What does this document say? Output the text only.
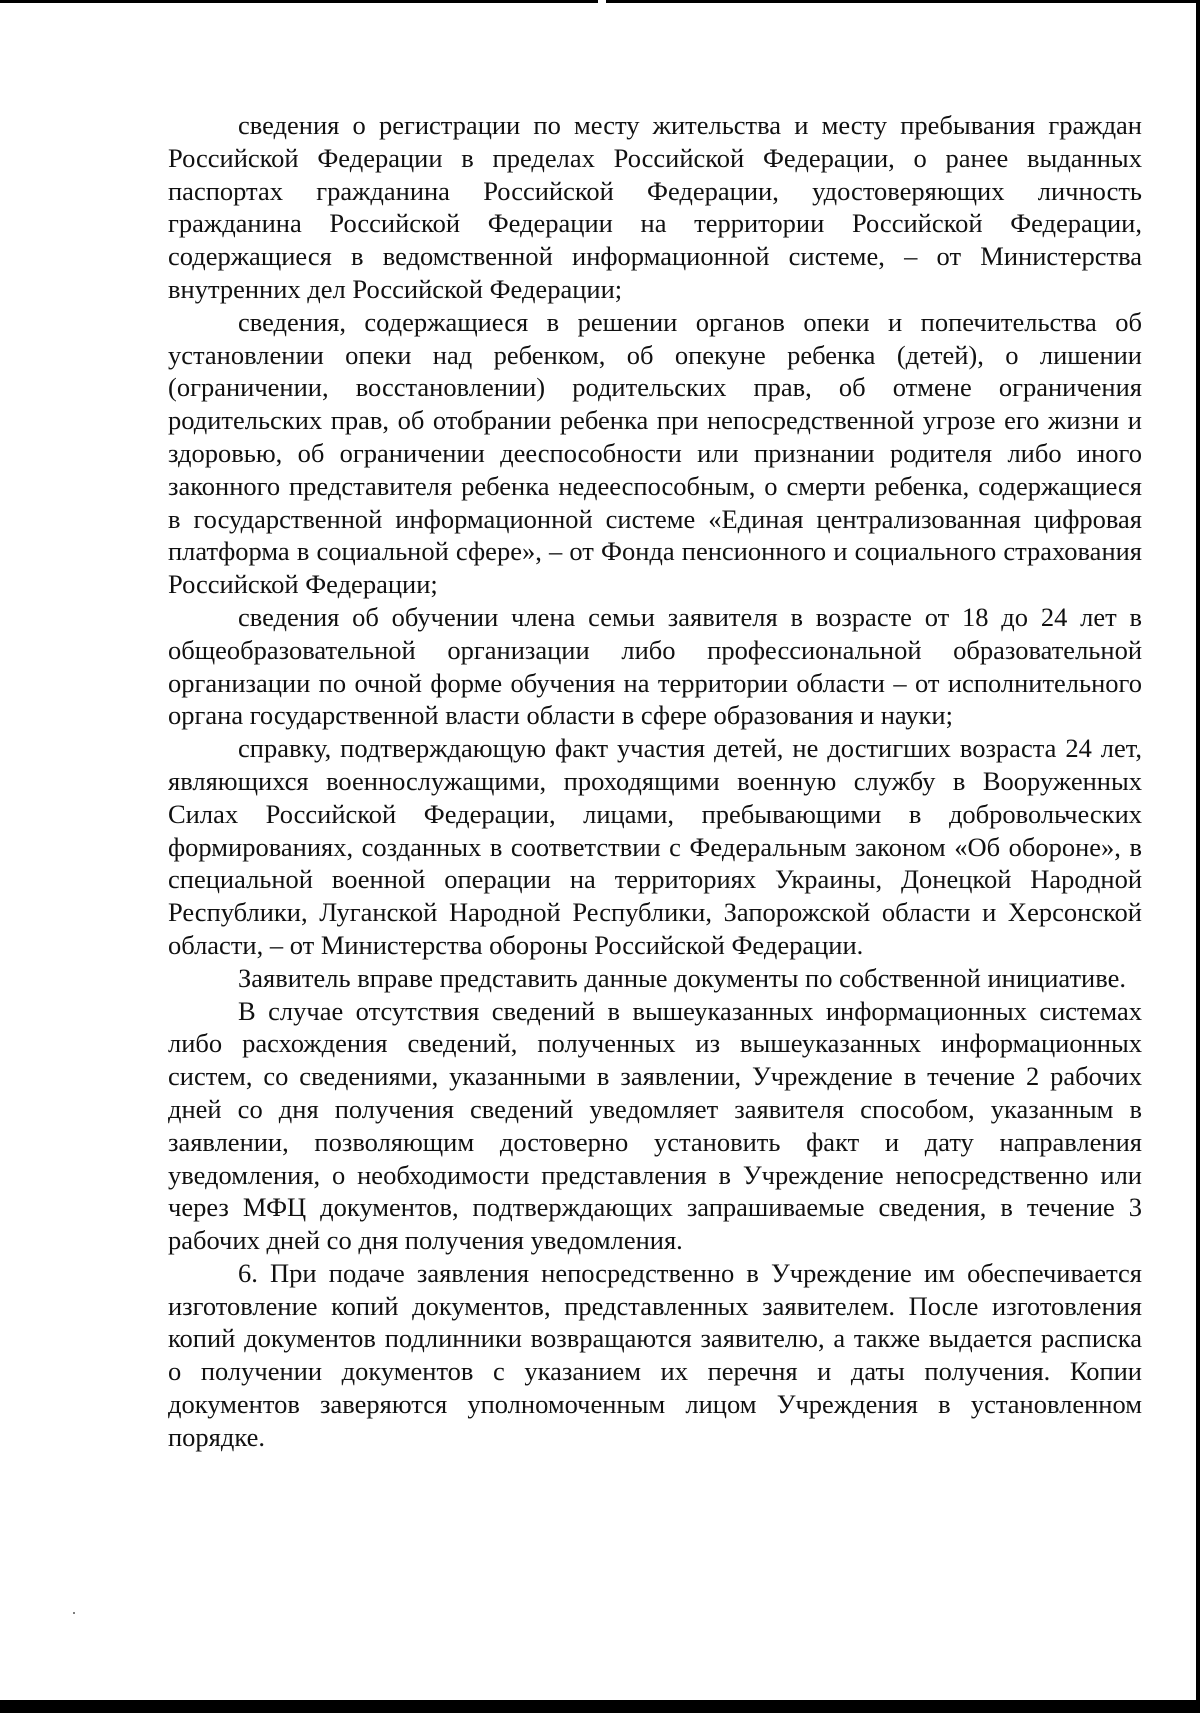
сведения о регистрации по месту жительства и месту пребывания граждан Российской Федерации в пределах Российской Федерации, о ранее выданных паспортах гражданина Российской Федерации, удостоверяющих личность гражданина Российской Федерации на территории Российской Федерации, содержащиеся в ведомственной информационной системе, – от Министерства внутренних дел Российской Федерации;

сведения, содержащиеся в решении органов опеки и попечительства об установлении опеки над ребенком, об опекуне ребенка (детей), о лишении (ограничении, восстановлении) родительских прав, об отмене ограничения родительских прав, об отобрании ребенка при непосредственной угрозе его жизни и здоровью, об ограничении дееспособности или признании родителя либо иного законного представителя ребенка недееспособным, о смерти ребенка, содержащиеся в государственной информационной системе «Единая централизованная цифровая платформа в социальной сфере», – от Фонда пенсионного и социального страхования Российской Федерации;

сведения об обучении члена семьи заявителя в возрасте от 18 до 24 лет в общеобразовательной организации либо профессиональной образовательной организации по очной форме обучения на территории области – от исполнительного органа государственной власти области в сфере образования и науки;

справку, подтверждающую факт участия детей, не достигших возраста 24 лет, являющихся военнослужащими, проходящими военную службу в Вооруженных Силах Российской Федерации, лицами, пребывающими в добровольческих формированиях, созданных в соответствии с Федеральным законом «Об обороне», в специальной военной операции на территориях Украины, Донецкой Народной Республики, Луганской Народной Республики, Запорожской области и Херсонской области, – от Министерства обороны Российской Федерации.

Заявитель вправе представить данные документы по собственной инициативе.

В случае отсутствия сведений в вышеуказанных информационных системах либо расхождения сведений, полученных из вышеуказанных информационных систем, со сведениями, указанными в заявлении, Учреждение в течение 2 рабочих дней со дня получения сведений уведомляет заявителя способом, указанным в заявлении, позволяющим достоверно установить факт и дату направления уведомления, о необходимости представления в Учреждение непосредственно или через МФЦ документов, подтверждающих запрашиваемые сведения, в течение 3 рабочих дней со дня получения уведомления.

6. При подаче заявления непосредственно в Учреждение им обеспечивается изготовление копий документов, представленных заявителем. После изготовления копий документов подлинники возвращаются заявителю, а также выдается расписка о получении документов с указанием их перечня и даты получения. Копии документов заверяются уполномоченным лицом Учреждения в установленном порядке.
